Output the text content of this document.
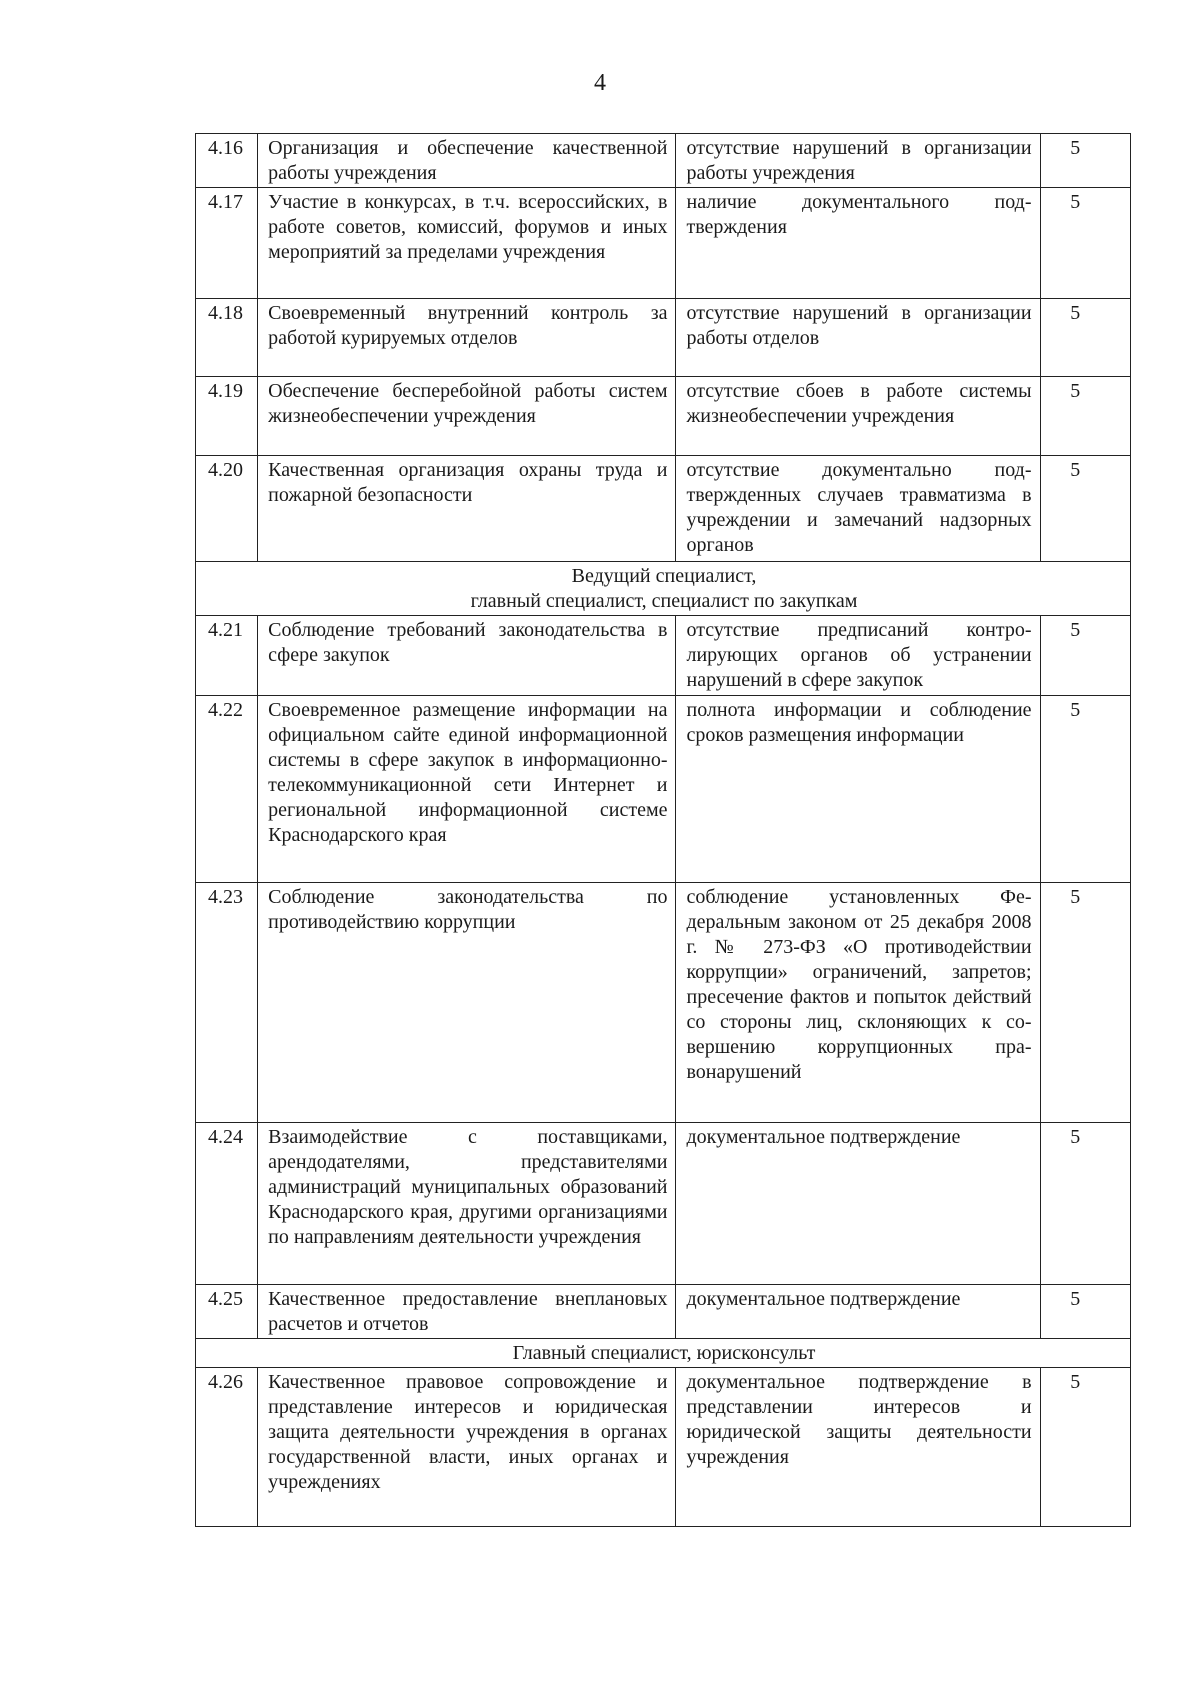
4
4.16	Организация и обеспечение качественной работы учреждения	отсутствие нарушений в организации работы учреждения	5
4.17	Участие в конкурсах, в т.ч. всероссийских, в работе советов, комиссий, форумов и иных мероприятий за пределами учреждения	наличие документального подтверждения	5
4.18	Своевременный внутренний контроль за работой курируемых отделов	отсутствие нарушений в организации работы отделов	5
4.19	Обеспечение бесперебойной работы систем жизнеобеспечении учреждения	отсутствие сбоев в работе системы жизнеобеспечении учреждения	5
4.20	Качественная организация охраны труда и пожарной безопасности	отсутствие документально подтвержденных случаев травматизма в учреждении и замечаний надзорных органов	5

Ведущий специалист,
главный специалист, специалист по закупкам			

4.21	Соблюдение требований законодательства в сфере закупок	отсутствие предписаний контролирующих органов об устранении нарушений в сфере закупок	5
4.22	Своевременное размещение информации на официальном сайте единой информационной системы в сфере закупок в информационно-телекоммуникационной сети Интернет и региональной информационной системе Краснодарского края	полнота информации и соблюдение сроков размещения информации	5
4.23	Соблюдение законодательства по противодействию коррупции	соблюдение установленных Федеральным законом от 25 декабря 2008 г. № 273-ФЗ «О противодействии коррупции» ограничений, запретов; пресечение фактов и попыток действий со стороны лиц, склоняющих к совершению коррупционных правонарушений	5
4.24	Взаимодействие с поставщиками, арендодателями, представителями администраций муниципальных образований Краснодарского края, другими организациями по направлениям деятельности учреждения	документальное подтверждение	5
4.25	Качественное предоставление внеплановых расчетов и отчетов	документальное подтверждение	5

Главный специалист, юрисконсульт			

4.26	Качественное правовое сопровождение и представление интересов и юридическая защита деятельности учреждения в органах государственной власти, иных органах и учреждениях	документальное подтверждение в представлении интересов и юридической защиты деятельности учреждения	5
